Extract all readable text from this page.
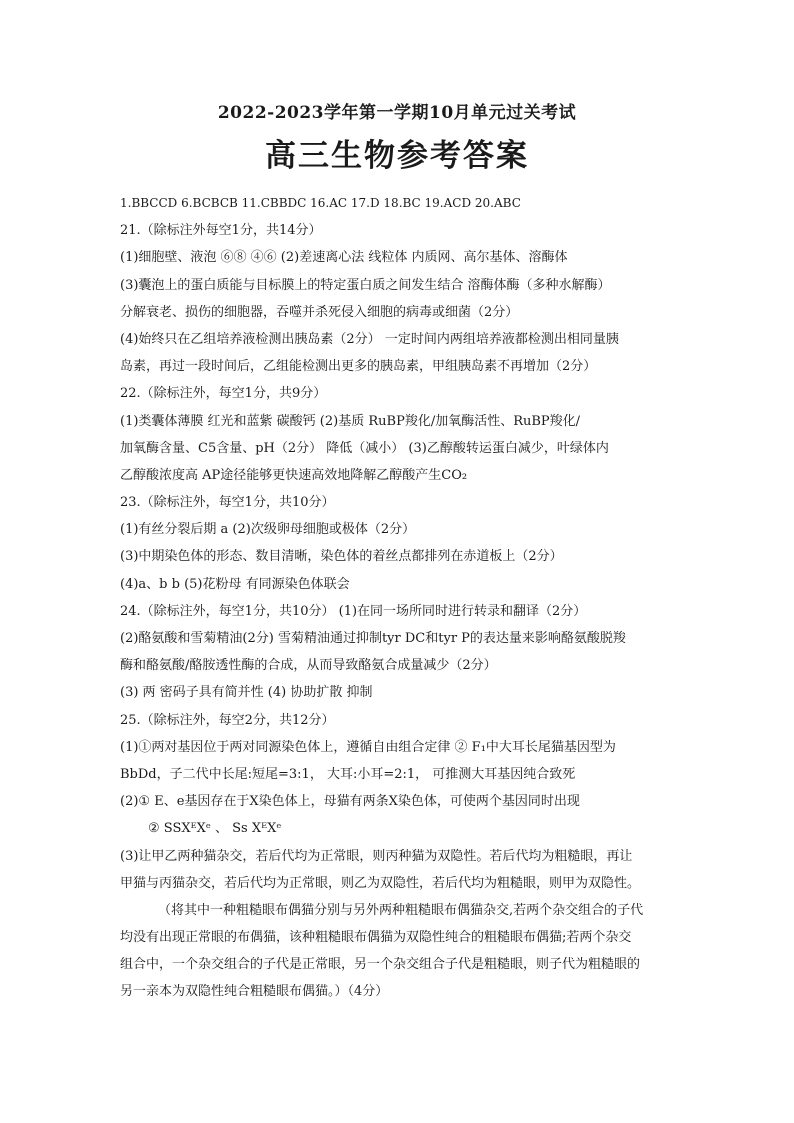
2022-2023学年第一学期10月单元过关考试
高三生物参考答案
1.BBCCD 6.BCBCB 11.CBBDC 16.AC 17.D 18.BC 19.ACD 20.ABC
21.（除标注外每空1分，共14分）
(1)细胞壁、液泡 ⑥⑧ ④⑥ (2)差速离心法 线粒体 内质网、高尔基体、溶酶体
(3)囊泡上的蛋白质能与目标膜上的特定蛋白质之间发生结合 溶酶体酶（多种水解酶）
分解衰老、损伤的细胞器，吞噬并杀死侵入细胞的病毒或细菌（2分）
(4)始终只在乙组培养液检测出胰岛素（2分） 一定时间内两组培养液都检测出相同量胰
岛素，再过一段时间后，乙组能检测出更多的胰岛素，甲组胰岛素不再增加（2分）
22.（除标注外，每空1分，共9分）
(1)类囊体薄膜 红光和蓝紫 碳酸钙 (2)基质 RuBP羧化/加氧酶活性、RuBP羧化/
加氧酶含量、C5含量、pH（2分） 降低（减小） (3)乙醇酸转运蛋白减少，叶绿体内
乙醇酸浓度高 AP途径能够更快速高效地降解乙醇酸产生CO₂
23.（除标注外，每空1分，共10分）
(1)有丝分裂后期 a (2)次级卵母细胞或极体（2分）
(3)中期染色体的形态、数目清晰，染色体的着丝点都排列在赤道板上（2分）
(4)a、b b (5)花粉母 有同源染色体联会
24.（除标注外，每空1分，共10分） (1)在同一场所同时进行转录和翻译（2分）
(2)酪氨酸和雪菊精油(2分) 雪菊精油通过抑制tyr DC和tyr P的表达量来影响酪氨酸脱羧
酶和酪氨酸/酪胺透性酶的合成，从而导致酪氨合成量减少（2分）
(3) 两 密码子具有简并性 (4) 协助扩散 抑制
25.（除标注外，每空2分，共12分）
(1)①两对基因位于两对同源染色体上，遵循自由组合定律 ② F₁中大耳长尾猫基因型为
BbDd，子二代中长尾:短尾=3:1， 大耳:小耳=2:1， 可推测大耳基因纯合致死
(2)① E、e基因存在于X染色体上，母猫有两条X染色体，可使两个基因同时出现
② SSXᴱXᵉ 、 Ss XᴱXᵉ
(3)让甲乙两种猫杂交，若后代均为正常眼，则丙种猫为双隐性。若后代均为粗糙眼，再让
甲猫与丙猫杂交，若后代均为正常眼，则乙为双隐性，若后代均为粗糙眼，则甲为双隐性。
（将其中一种粗糙眼布偶猫分别与另外两种粗糙眼布偶猫杂交,若两个杂交组合的子代
均没有出现正常眼的布偶猫，该种粗糙眼布偶猫为双隐性纯合的粗糙眼布偶猫;若两个杂交
组合中，一个杂交组合的子代是正常眼，另一个杂交组合子代是粗糙眼，则子代为粗糙眼的
另一亲本为双隐性纯合粗糙眼布偶猫。）（4分）
